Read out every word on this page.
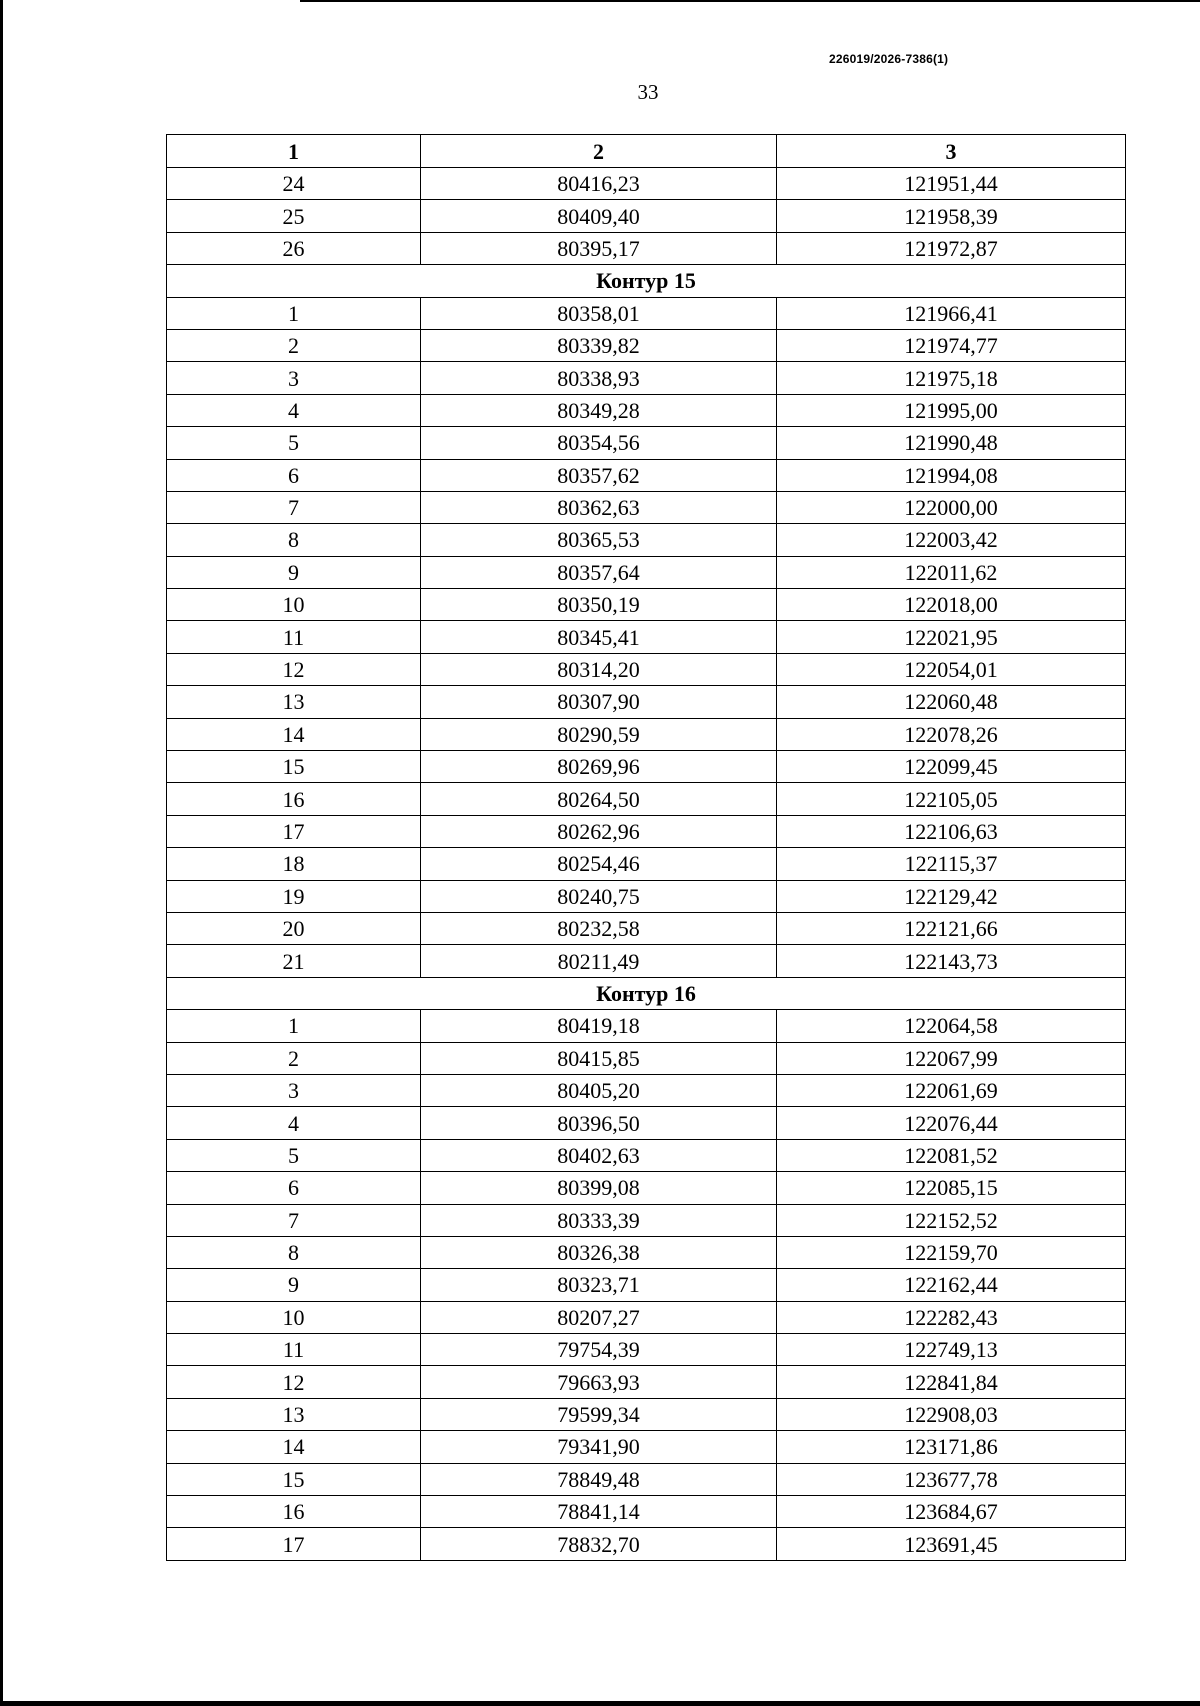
226019/2026-7386(1)
33
1	2	3
24	80416,23	121951,44
25	80409,40	121958,39
26	80395,17	121972,87
Контур 15		
1	80358,01	121966,41
2	80339,82	121974,77
3	80338,93	121975,18
4	80349,28	121995,00
5	80354,56	121990,48
6	80357,62	121994,08
7	80362,63	122000,00
8	80365,53	122003,42
9	80357,64	122011,62
10	80350,19	122018,00
11	80345,41	122021,95
12	80314,20	122054,01
13	80307,90	122060,48
14	80290,59	122078,26
15	80269,96	122099,45
16	80264,50	122105,05
17	80262,96	122106,63
18	80254,46	122115,37
19	80240,75	122129,42
20	80232,58	122121,66
21	80211,49	122143,73
Контур 16		
1	80419,18	122064,58
2	80415,85	122067,99
3	80405,20	122061,69
4	80396,50	122076,44
5	80402,63	122081,52
6	80399,08	122085,15
7	80333,39	122152,52
8	80326,38	122159,70
9	80323,71	122162,44
10	80207,27	122282,43
11	79754,39	122749,13
12	79663,93	122841,84
13	79599,34	122908,03
14	79341,90	123171,86
15	78849,48	123677,78
16	78841,14	123684,67
17	78832,70	123691,45
